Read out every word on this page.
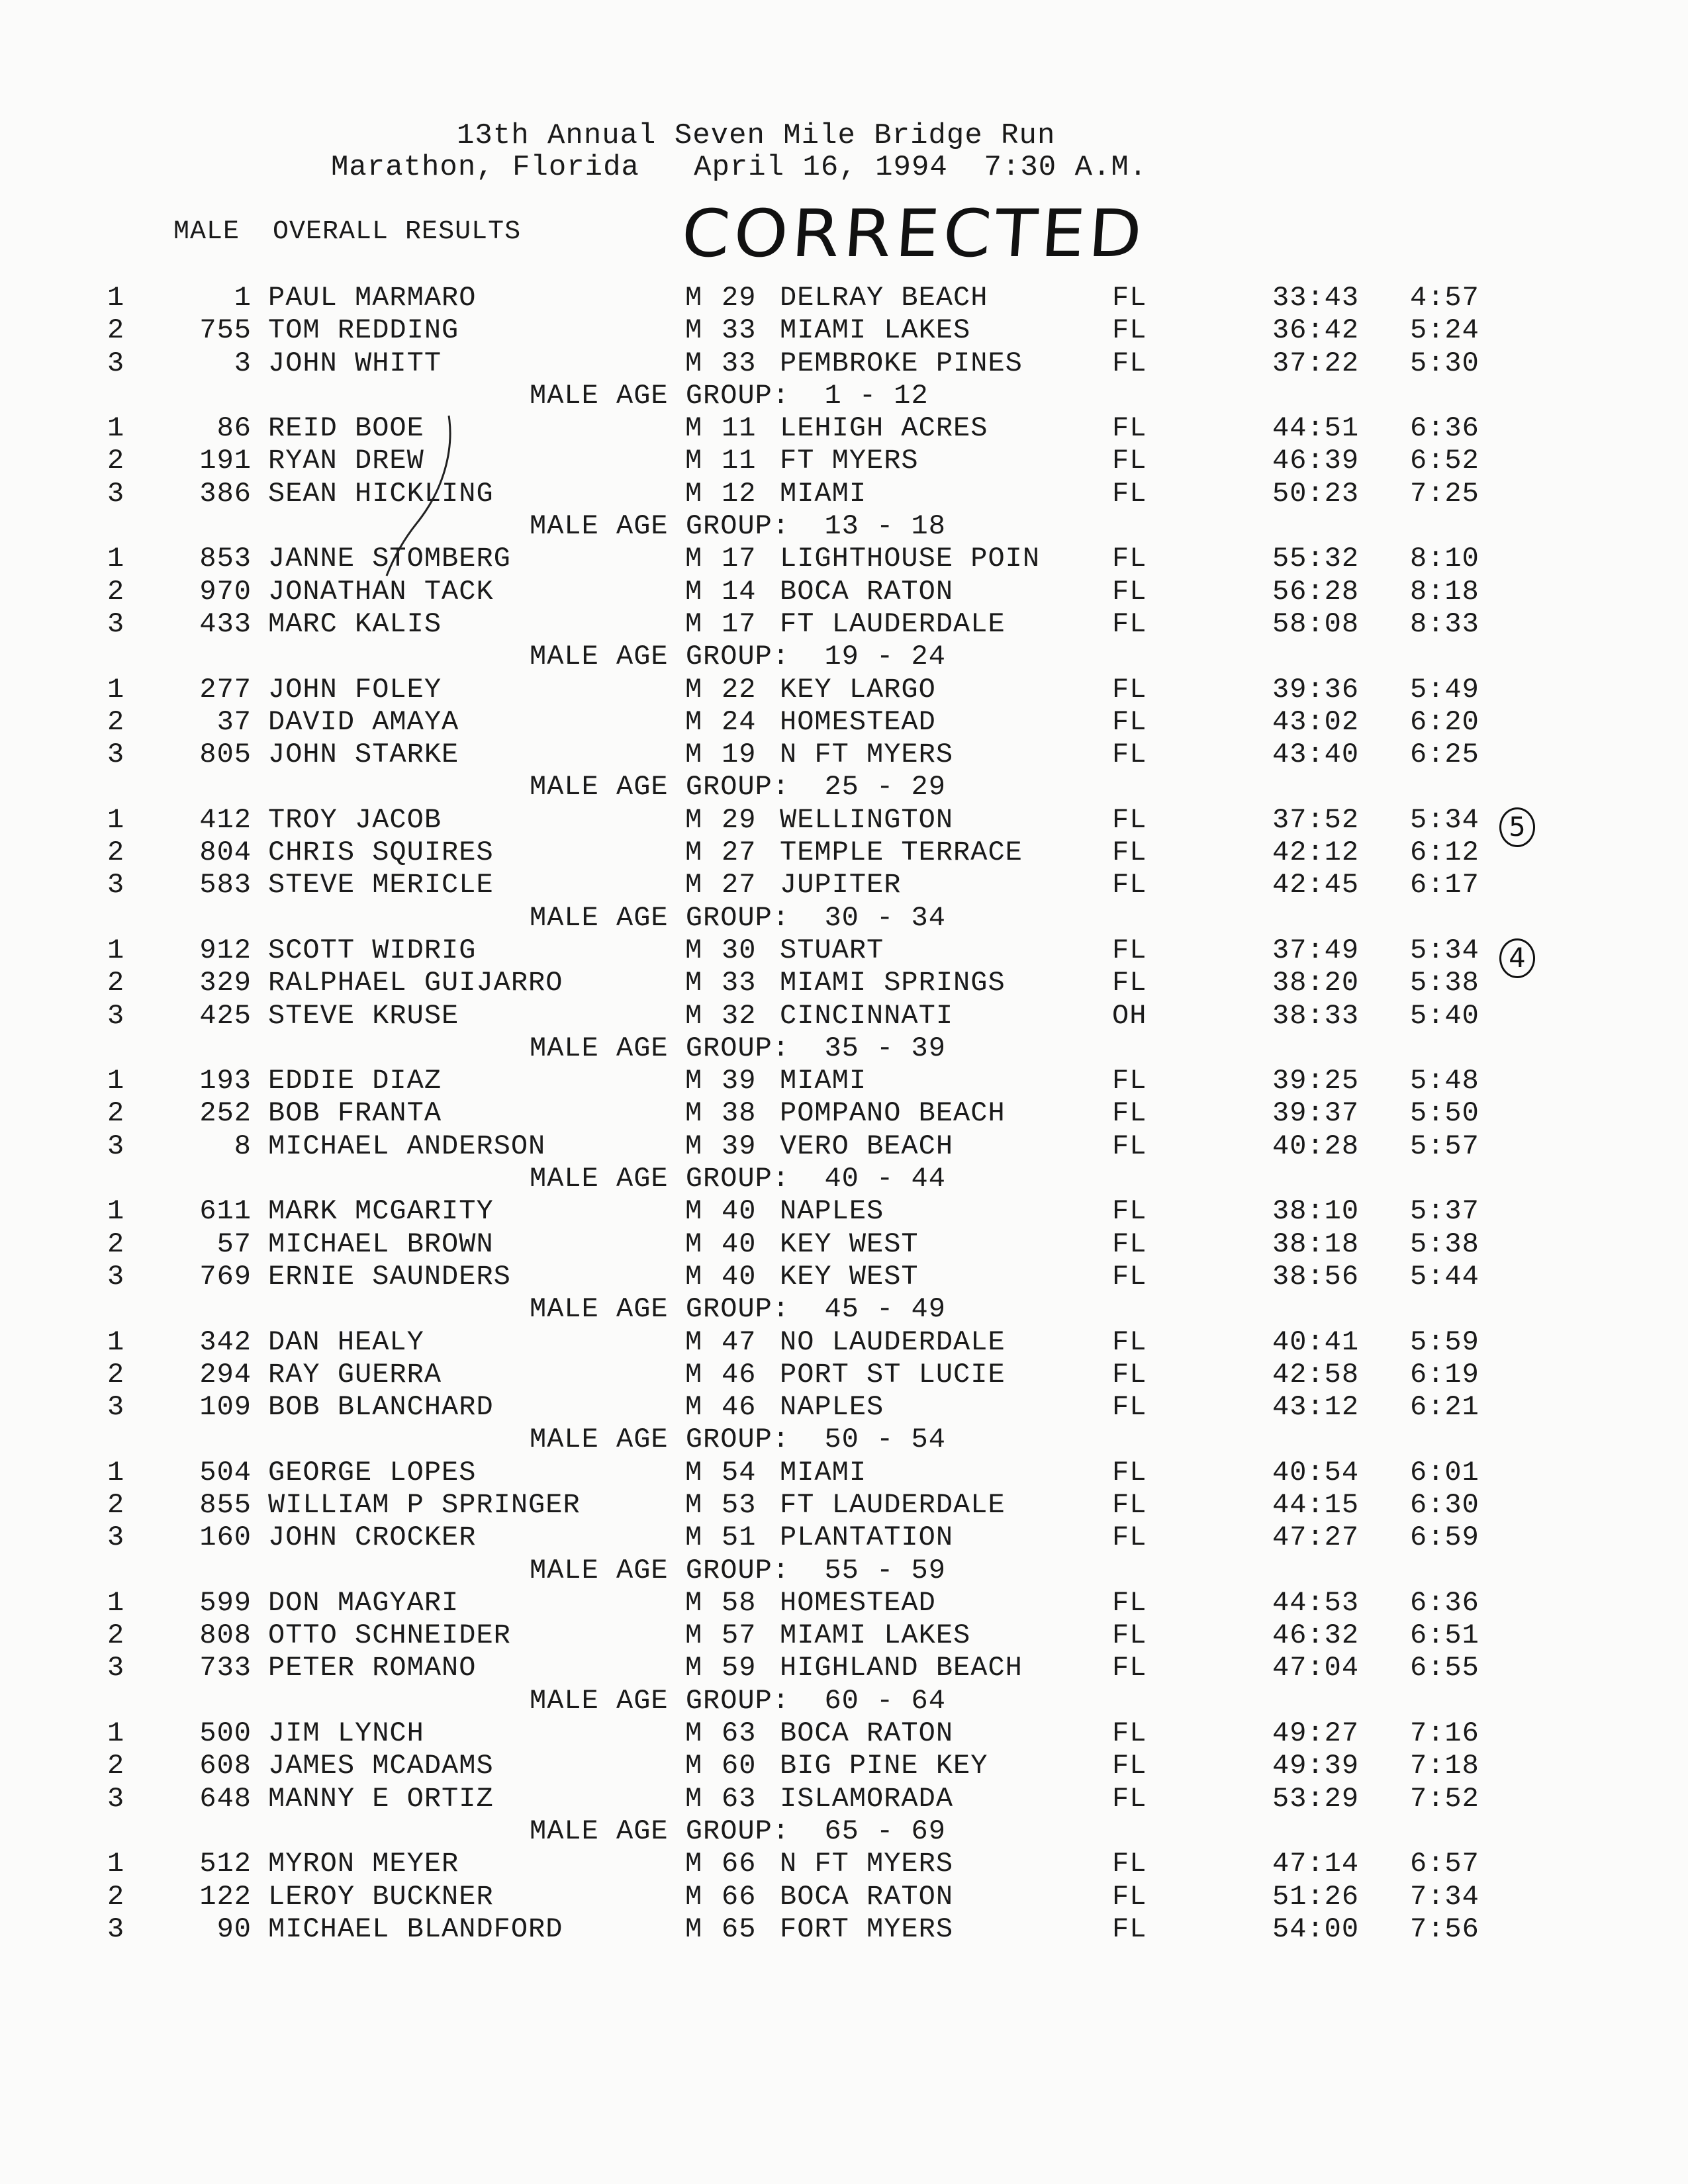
13th Annual Seven Mile Bridge Run
Marathon, Florida   April 16, 1994  7:30 A.M.
MALE  OVERALL RESULTS CORRECTED
1	1 PAUL MARMARO	M 29 DELRAY BEACH	FL	33:43 4:57
2	755 TOM REDDING	M 33 MIAMI LAKES	FL	36:42 5:24
3	3 JOHN WHITT	M 33 PEMBROKE PINES	FL	37:22 5:30
MALE AGE GROUP:  1 - 12
1	86 REID BOOE	M 11 LEHIGH ACRES	FL	44:51 6:36
2	191 RYAN DREW	M 11 FT MYERS	FL	46:39 6:52
3	386 SEAN HICKLING	M 12 MIAMI	FL	50:23 7:25
MALE AGE GROUP:  13 - 18
1	853 JANNE STOMBERG	M 17 LIGHTHOUSE POIN	FL	55:32 8:10
2	970 JONATHAN TACK	M 14 BOCA RATON	FL	56:28 8:18
3	433 MARC KALIS	M 17 FT LAUDERDALE	FL	58:08 8:33
MALE AGE GROUP:  19 - 24
1	277 JOHN FOLEY	M 22 KEY LARGO	FL	39:36 5:49
2	37 DAVID AMAYA	M 24 HOMESTEAD	FL	43:02 6:20
3	805 JOHN STARKE	M 19 N FT MYERS	FL	43:40 6:25
MALE AGE GROUP:  25 - 29
1	412 TROY JACOB	M 29 WELLINGTON	FL	37:52 5:34
2	804 CHRIS SQUIRES	M 27 TEMPLE TERRACE	FL	42:12 6:12
3	583 STEVE MERICLE	M 27 JUPITER	FL	42:45 6:17
MALE AGE GROUP:  30 - 34
1	912 SCOTT WIDRIG	M 30 STUART	FL	37:49 5:34
2	329 RALPHAEL GUIJARRO	M 33 MIAMI SPRINGS	FL	38:20 5:38
3	425 STEVE KRUSE	M 32 CINCINNATI	OH	38:33 5:40
MALE AGE GROUP:  35 - 39
1	193 EDDIE DIAZ	M 39 MIAMI	FL	39:25 5:48
2	252 BOB FRANTA	M 38 POMPANO BEACH	FL	39:37 5:50
3	8 MICHAEL ANDERSON	M 39 VERO BEACH	FL	40:28 5:57
MALE AGE GROUP:  40 - 44
1	611 MARK MCGARITY	M 40 NAPLES	FL	38:10 5:37
2	57 MICHAEL BROWN	M 40 KEY WEST	FL	38:18 5:38
3	769 ERNIE SAUNDERS	M 40 KEY WEST	FL	38:56 5:44
MALE AGE GROUP:  45 - 49
1	342 DAN HEALY	M 47 NO LAUDERDALE	FL	40:41 5:59
2	294 RAY GUERRA	M 46 PORT ST LUCIE	FL	42:58 6:19
3	109 BOB BLANCHARD	M 46 NAPLES	FL	43:12 6:21
MALE AGE GROUP:  50 - 54
1	504 GEORGE LOPES	M 54 MIAMI	FL	40:54 6:01
2	855 WILLIAM P SPRINGER	M 53 FT LAUDERDALE	FL	44:15 6:30
3	160 JOHN CROCKER	M 51 PLANTATION	FL	47:27 6:59
MALE AGE GROUP:  55 - 59
1	599 DON MAGYARI	M 58 HOMESTEAD	FL	44:53 6:36
2	808 OTTO SCHNEIDER	M 57 MIAMI LAKES	FL	46:32 6:51
3	733 PETER ROMANO	M 59 HIGHLAND BEACH	FL	47:04 6:55
MALE AGE GROUP:  60 - 64
1	500 JIM LYNCH	M 63 BOCA RATON	FL	49:27 7:16
2	608 JAMES MCADAMS	M 60 BIG PINE KEY	FL	49:39 7:18
3	648 MANNY E ORTIZ	M 63 ISLAMORADA	FL	53:29 7:52
MALE AGE GROUP:  65 - 69
1	512 MYRON MEYER	M 66 N FT MYERS	FL	47:14 6:57
2	122 LEROY BUCKNER	M 66 BOCA RATON	FL	51:26 7:34
3	90 MICHAEL BLANDFORD	M 65 FORT MYERS	FL	54:00 7:56
5
4
